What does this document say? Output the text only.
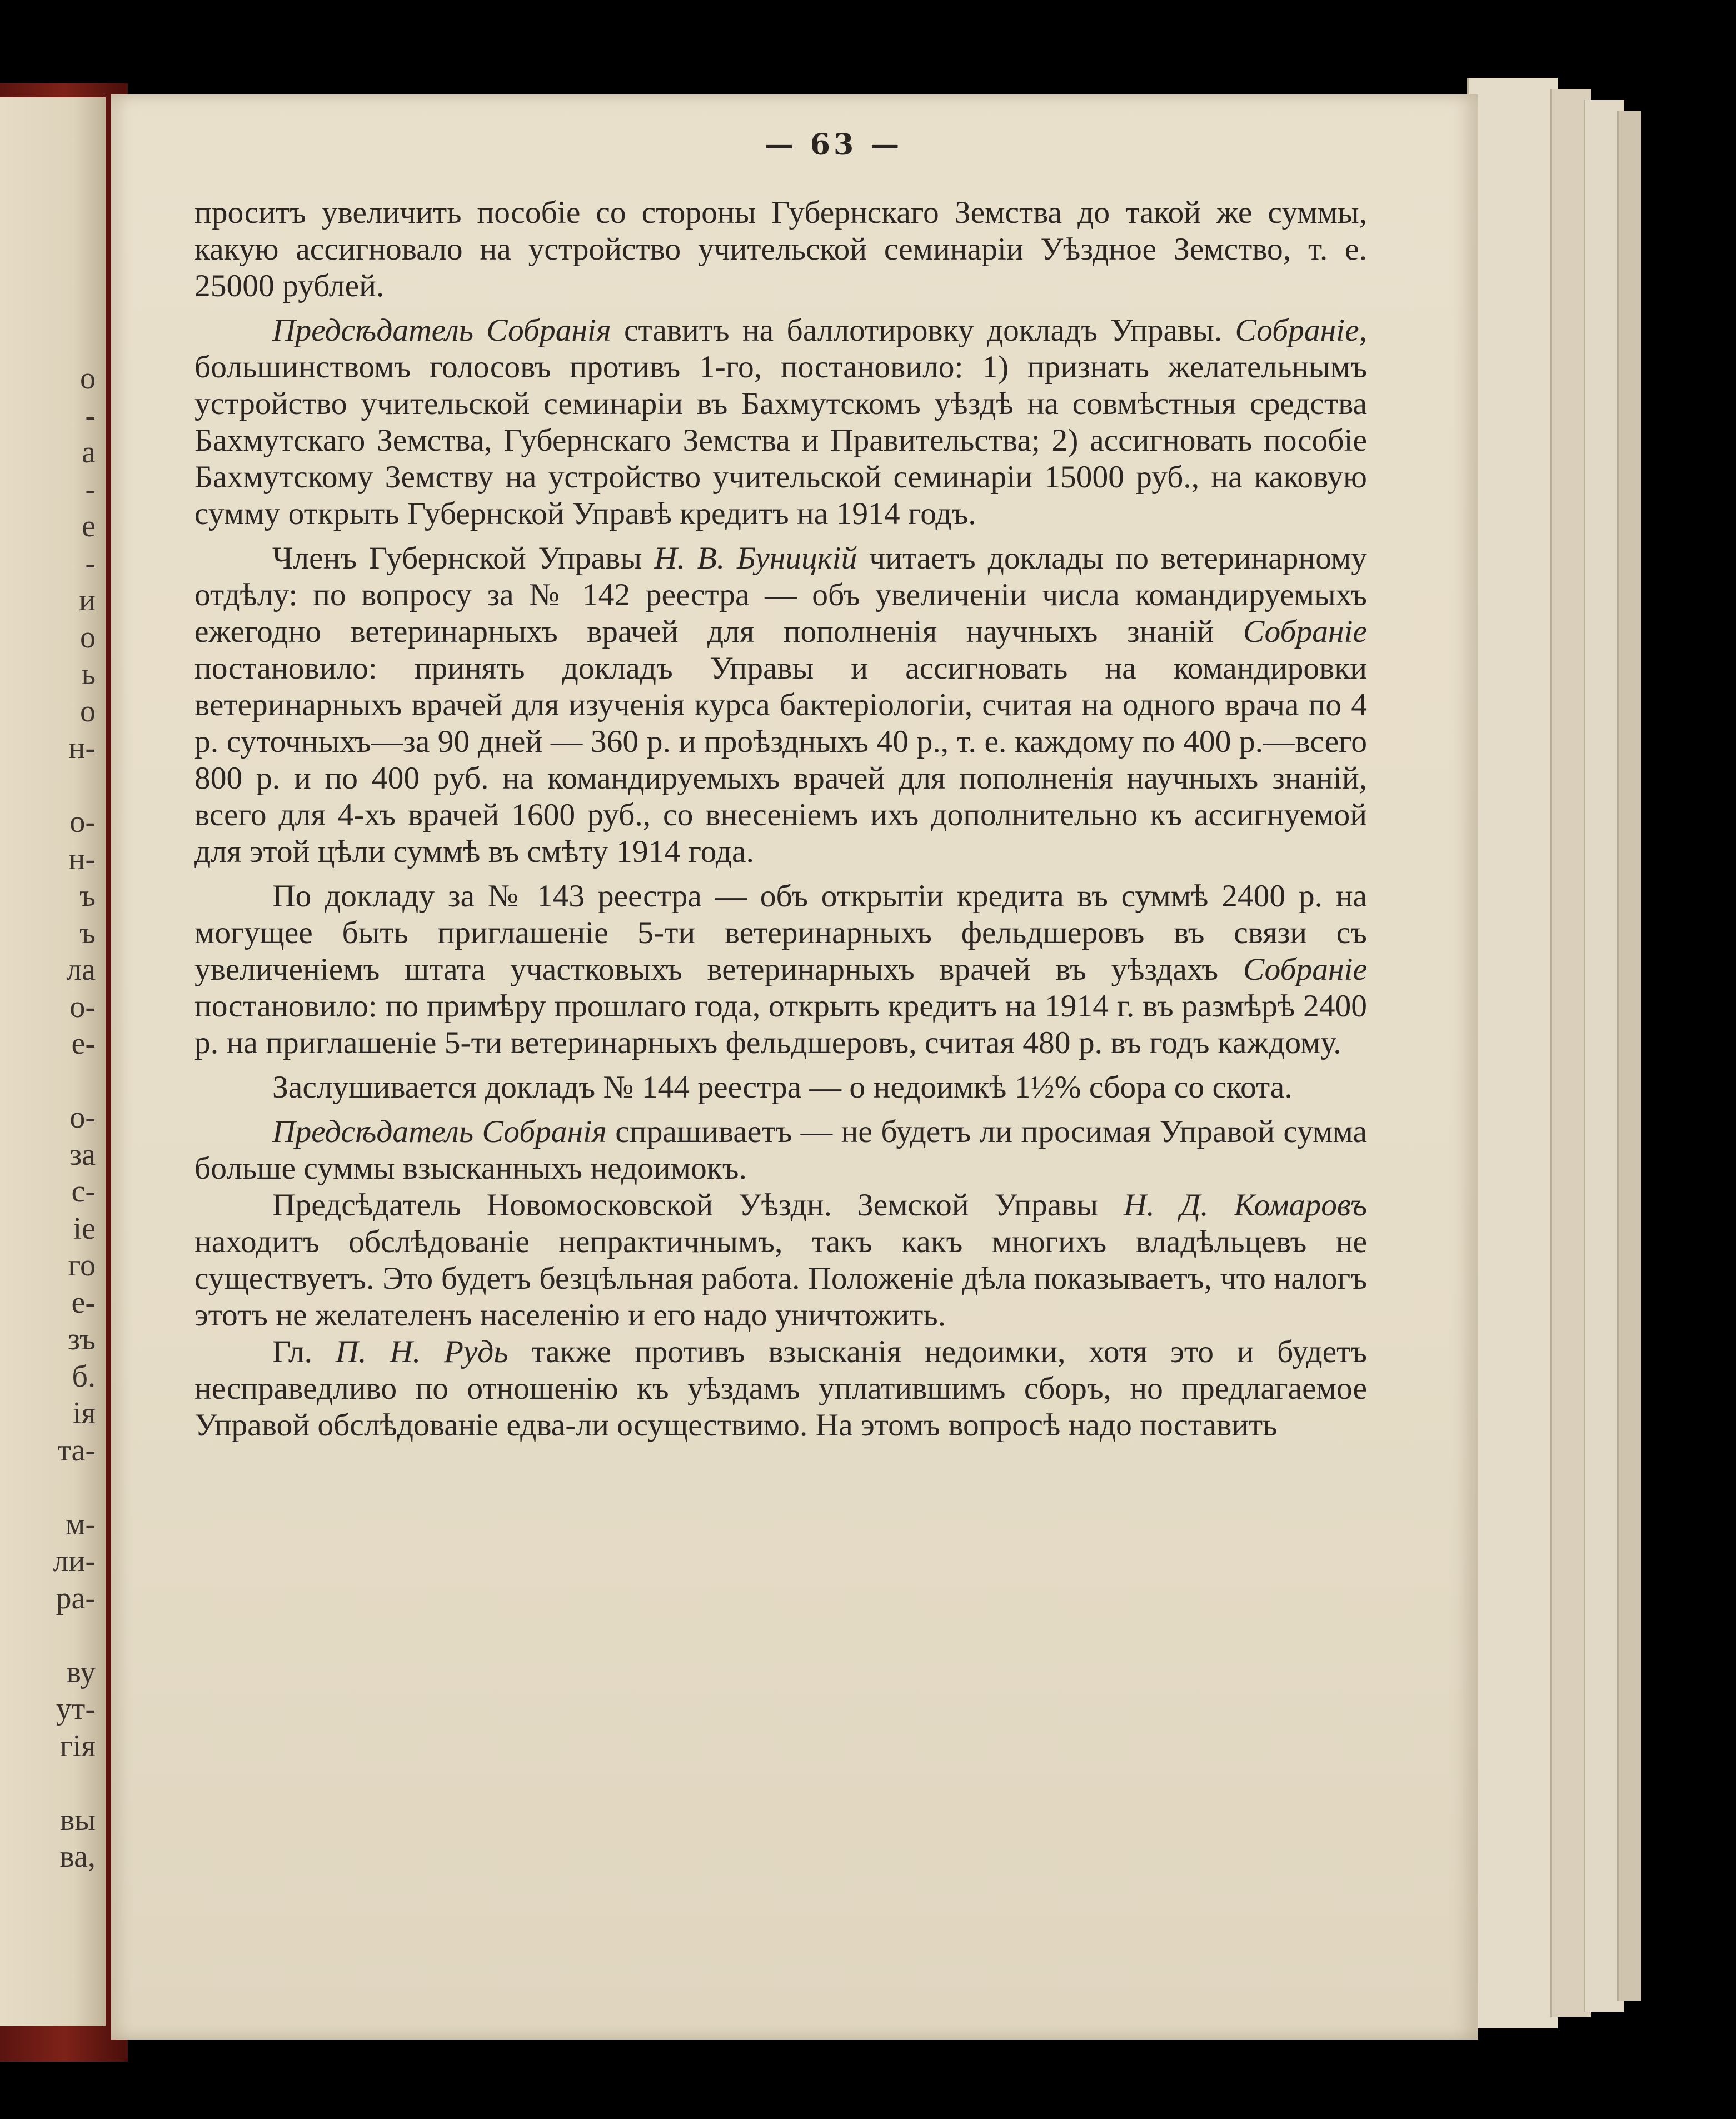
о
-
а
-
е
-
и
о
ь
о
н-
о-
н-
ъ
ъ
ла
о-
е-
о-
за
с-
ie
го
е-
зъ
б.
iя
та-
м-
ли-
ра-
ву
ут-
гiя
вы
ва,
— 63 —

проситъ увеличить пособiе со стороны Губернскаго Земства до такой же суммы, какую ассигновало на устройство учительской семинарiи Уѣздное Земство, т. е. 25000 рублей.

Предсѣдатель Собранiя ставитъ на баллотировку докладъ Управы. Собранiе, большинствомъ голосовъ противъ 1-го, постановило: 1) признать желательнымъ устройство учительской семинарiи въ Бахмутскомъ уѣздѣ на совмѣстныя средства Бахмутскаго Земства, Губернскаго Земства и Правительства; 2) ассигновать пособiе Бахмутскому Земству на устройство учительской семинарiи 15000 руб., на каковую сумму открыть Губернской Управѣ кредитъ на 1914 годъ.

Членъ Губернской Управы Н. В. Буницкiй читаетъ доклады по ветеринарному отдѣлу: по вопросу за № 142 реестра — объ увеличенiи числа командируемыхъ ежегодно ветеринарныхъ врачей для пополненiя научныхъ знанiй Собранiе постановило: принять докладъ Управы и ассигновать на командировки ветеринарныхъ врачей для изученiя курса бактерiологiи, считая на одного врача по 4 р. суточныхъ—за 90 дней — 360 р. и проѣздныхъ 40 р., т. е. каждому по 400 р.—всего 800 р. и по 400 руб. на командируемыхъ врачей для пополненiя научныхъ знанiй, всего для 4-хъ врачей 1600 руб., со внесенiемъ ихъ дополнительно къ ассигнуемой для этой цѣли суммѣ въ смѣту 1914 года.

По докладу за № 143 реестра — объ открытiи кредита въ суммѣ 2400 р. на могущее быть приглашенiе 5-ти ветеринарныхъ фельдшеровъ въ связи съ увеличенiемъ штата участковыхъ ветеринарныхъ врачей въ уѣздахъ Собранiе постановило: по примѣру прошлаго года, открыть кредитъ на 1914 г. въ размѣрѣ 2400 р. на приглашенiе 5-ти ветеринарныхъ фельдшеровъ, считая 480 р. въ годъ каждому.

Заслушивается докладъ № 144 реестра — о недоимкѣ 1½% сбора со скота.

Предсѣдатель Собранiя спрашиваетъ — не будетъ ли просимая Управой сумма больше суммы взысканныхъ недоимокъ.

Предсѣдатель Новомосковской Уѣздн. Земской Управы Н. Д. Комаровъ находитъ обслѣдованiе непрактичнымъ, такъ какъ многихъ владѣльцевъ не существуетъ. Это будетъ безцѣльная работа. Положенiе дѣла показываетъ, что налогъ этотъ не желателенъ населенiю и его надо уничтожить.

Гл. П. Н. Рудь также противъ взысканiя недоимки, хотя это и будетъ несправедливо по отношенiю къ уѣздамъ уплатившимъ сборъ, но предлагаемое Управой обслѣдованiе едва-ли осуществимо. На этомъ вопросѣ надо поставить
